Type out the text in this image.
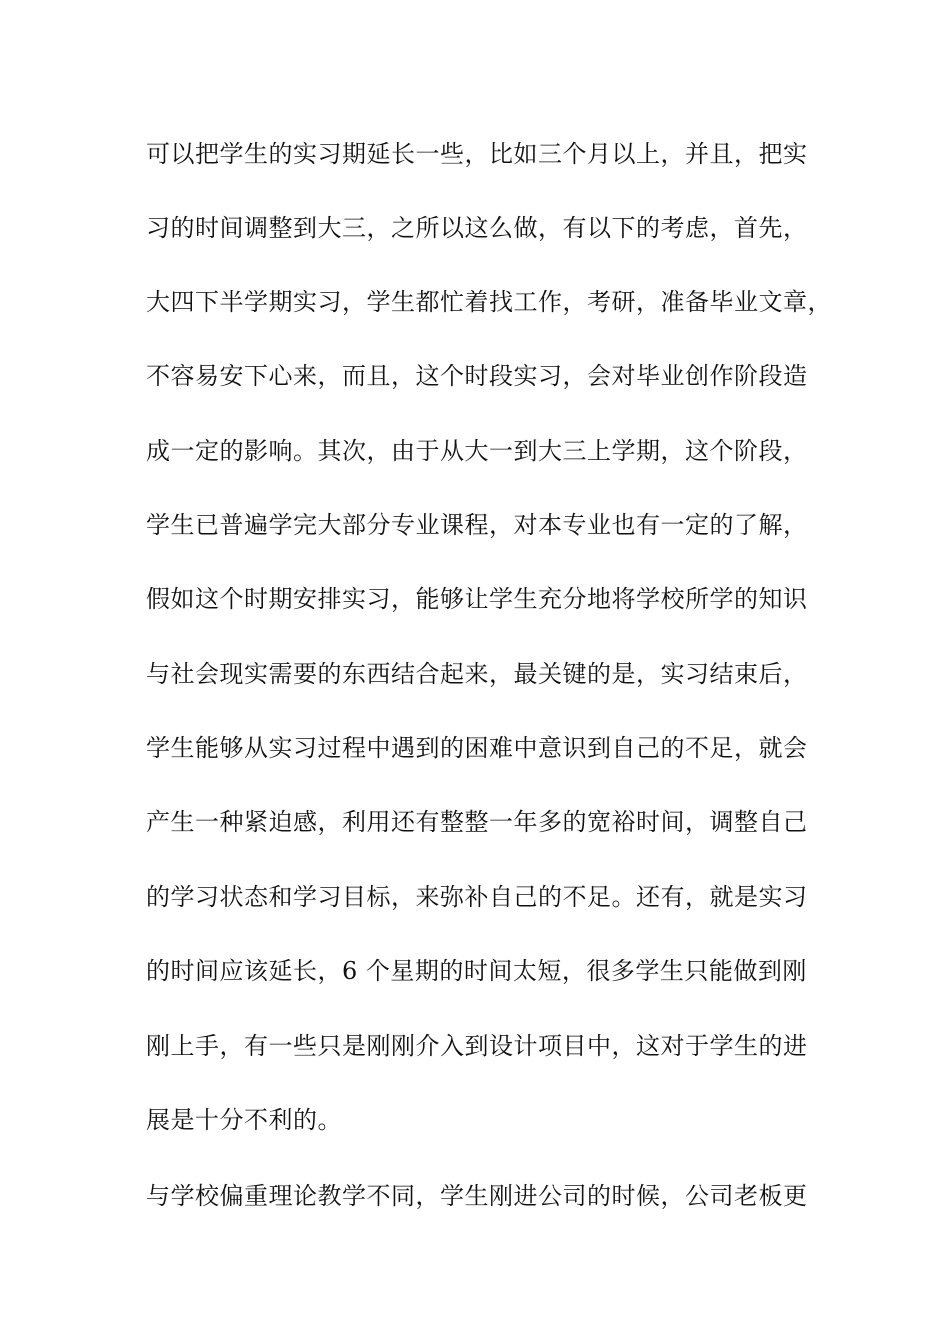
可以把学生的实习期延长一些，比如三个月以上，并且，把实
习的时间调整到大三，之所以这么做，有以下的考虑，首先，
大四下半学期实习，学生都忙着找工作，考研，准备毕业文章，
不容易安下心来，而且，这个时段实习，会对毕业创作阶段造
成一定的影响。其次，由于从大一到大三上学期，这个阶段，
学生已普遍学完大部分专业课程，对本专业也有一定的了解，
假如这个时期安排实习，能够让学生充分地将学校所学的知识
与社会现实需要的东西结合起来，最关键的是，实习结束后，
学生能够从实习过程中遇到的困难中意识到自己的不足，就会
产生一种紧迫感，利用还有整整一年多的宽裕时间，调整自己
的学习状态和学习目标，来弥补自己的不足。还有，就是实习
的时间应该延长，6 个星期的时间太短，很多学生只能做到刚
刚上手，有一些只是刚刚介入到设计项目中，这对于学生的进
展是十分不利的。
与学校偏重理论教学不同，学生刚进公司的时候，公司老板更
